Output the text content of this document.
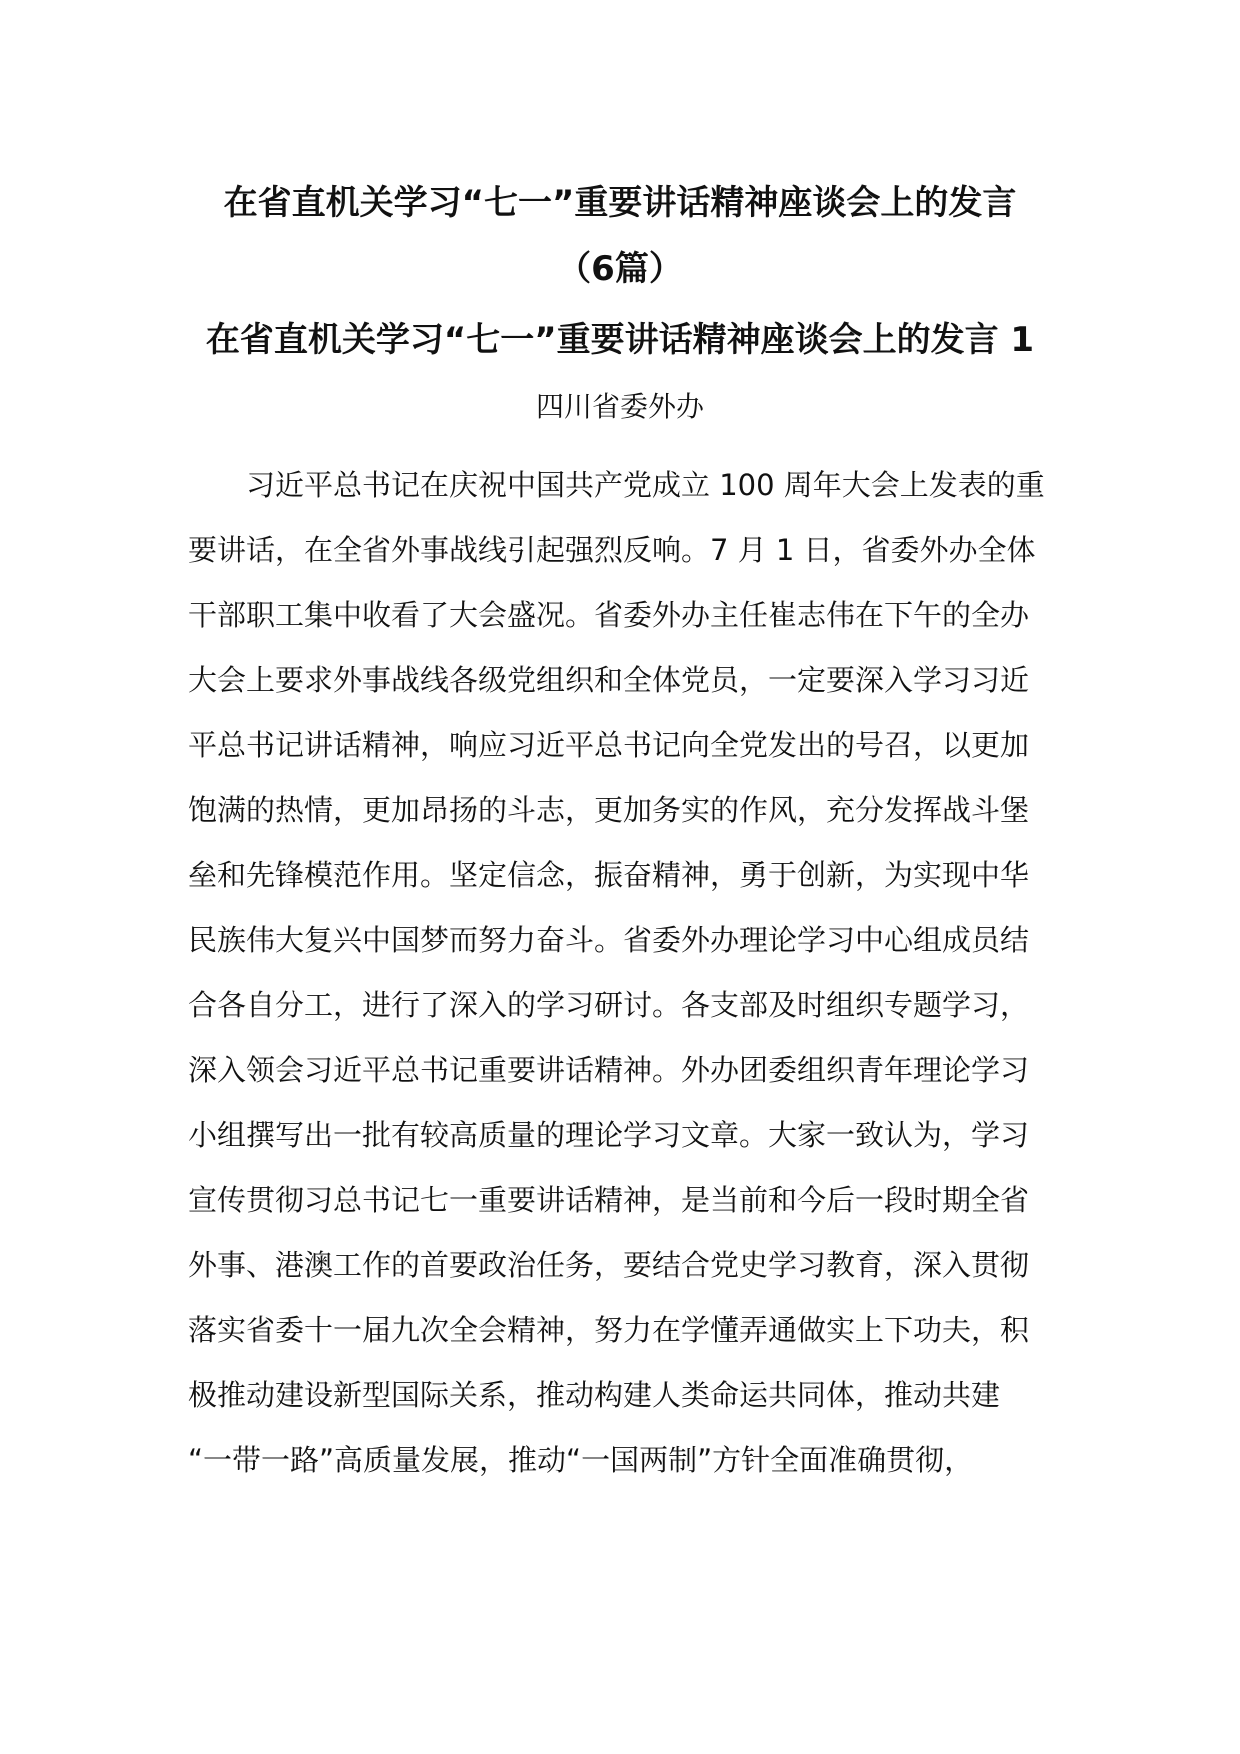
在省直机关学习“七一”重要讲话精神座谈会上的发言
（6篇）
在省直机关学习“七一”重要讲话精神座谈会上的发言 1

四川省委外办

习近平总书记在庆祝中国共产党成立 100 周年大会上发表的重
要讲话，在全省外事战线引起强烈反响。7 月 1 日，省委外办全体
干部职工集中收看了大会盛况。省委外办主任崔志伟在下午的全办
大会上要求外事战线各级党组织和全体党员，一定要深入学习习近
平总书记讲话精神，响应习近平总书记向全党发出的号召，以更加
饱满的热情，更加昂扬的斗志，更加务实的作风，充分发挥战斗堡
垒和先锋模范作用。坚定信念，振奋精神，勇于创新，为实现中华
民族伟大复兴中国梦而努力奋斗。省委外办理论学习中心组成员结
合各自分工，进行了深入的学习研讨。各支部及时组织专题学习，
深入领会习近平总书记重要讲话精神。外办团委组织青年理论学习
小组撰写出一批有较高质量的理论学习文章。大家一致认为，学习
宣传贯彻习总书记七一重要讲话精神，是当前和今后一段时期全省
外事、港澳工作的首要政治任务，要结合党史学习教育，深入贯彻
落实省委十一届九次全会精神，努力在学懂弄通做实上下功夫，积
极推动建设新型国际关系，推动构建人类命运共同体，推动共建
“一带一路”高质量发展，推动“一国两制”方针全面准确贯彻，
